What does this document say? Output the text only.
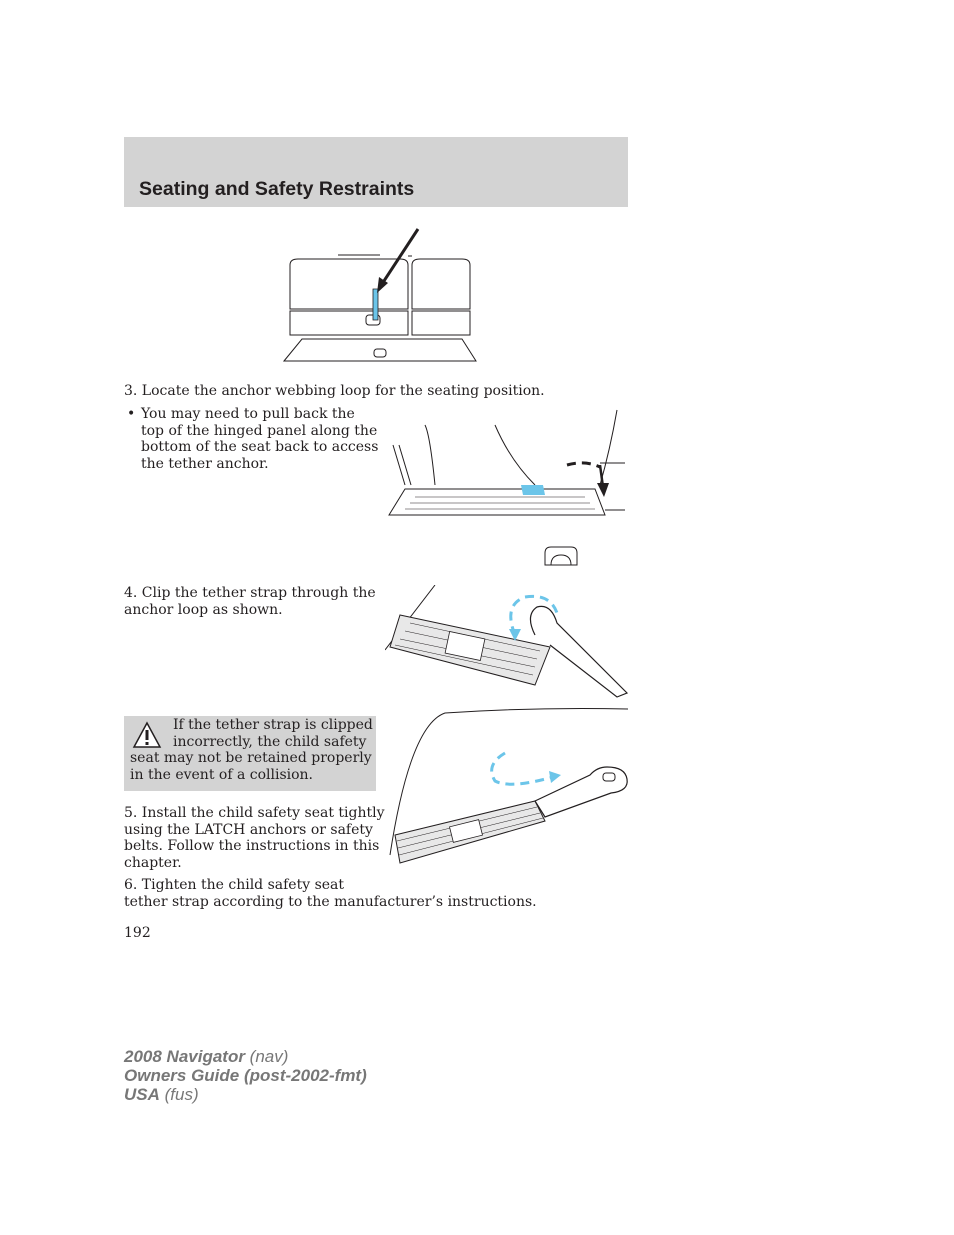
Seating and Safety Restraints
3. Locate the anchor webbing loop for the seating position.
• You may need to pull back the
top of the hinged panel along the
bottom of the seat back to access
the tether anchor.
4. Clip the tether strap through the
anchor loop as shown.
If the tether strap is clipped
incorrectly, the child safety
seat may not be retained properly
in the event of a collision.
5. Install the child safety seat tightly
using the LATCH anchors or safety
belts. Follow the instructions in this
chapter.
6. Tighten the child safety seat
tether strap according to the manufacturer’s instructions.
192
2008 Navigator (nav)
Owners Guide (post-2002-fmt)
USA (fus)
